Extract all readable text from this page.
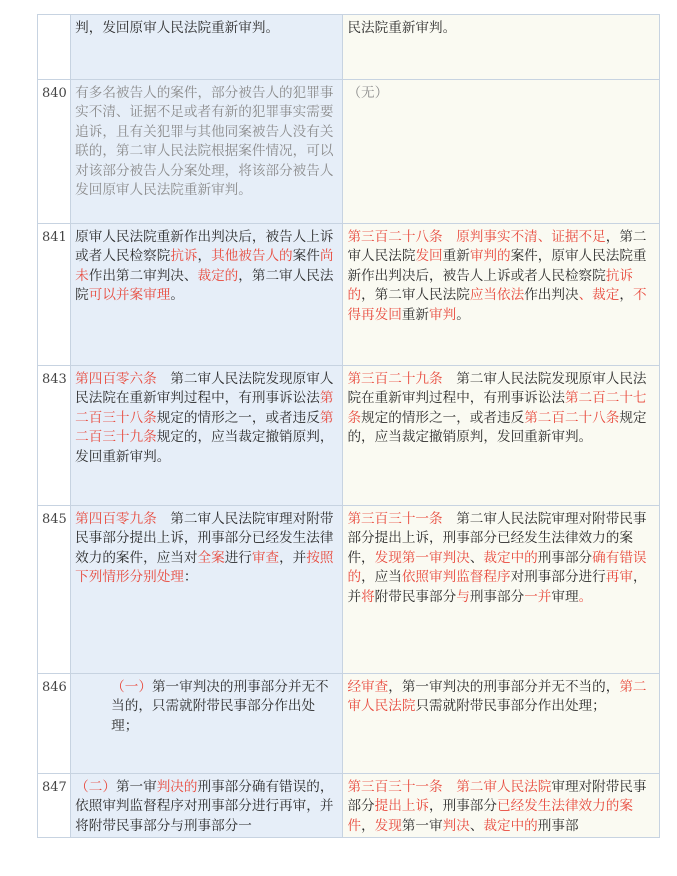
	判，发回原审人民法院重新审判。	民法院重新审判。
840	有多名被告人的案件，部分被告人的犯罪事实不清、证据不足或者有新的犯罪事实需要追诉，且有关犯罪与其他同案被告人没有关联的，第二审人民法院根据案件情况，可以对该部分被告人分案处理，将该部分被告人发回原审人民法院重新审判。	（无）
841	原审人民法院重新作出判决后，被告人上诉或者人民检察院抗诉，其他被告人的案件尚未作出第二审判决、裁定的，第二审人民法院可以并案审理。	第三百二十八条　原判事实不清、证据不足，第二审人民法院发回重新审判的案件，原审人民法院重新作出判决后，被告人上诉或者人民检察院抗诉的，第二审人民法院应当依法作出判决、裁定，不得再发回重新审判。
843	第四百零六条　第二审人民法院发现原审人民法院在重新审判过程中，有刑事诉讼法第二百三十八条规定的情形之一，或者违反第二百三十九条规定的，应当裁定撤销原判，发回重新审判。	第三百二十九条　第二审人民法院发现原审人民法院在重新审判过程中，有刑事诉讼法第二百二十七条规定的情形之一，或者违反第二百二十八条规定的，应当裁定撤销原判，发回重新审判。
845	第四百零九条　第二审人民法院审理对附带民事部分提出上诉，刑事部分已经发生法律效力的案件，应当对全案进行审查，并按照下列情形分别处理：	第三百三十一条　第二审人民法院审理对附带民事部分提出上诉，刑事部分已经发生法律效力的案件，发现第一审判决、裁定中的刑事部分确有错误的，应当依照审判监督程序对刑事部分进行再审，并将附带民事部分与刑事部分一并审理。
846	（一）第一审判决的刑事部分并无不当的，只需就附带民事部分作出处理；	经审查，第一审判决的刑事部分并无不当的，第二审人民法院只需就附带民事部分作出处理；
847	（二）第一审判决的刑事部分确有错误的，依照审判监督程序对刑事部分进行再审，并将附带民事部分与刑事部分一	第三百三十一条　第二审人民法院审理对附带民事部分提出上诉，刑事部分已经发生法律效力的案件，发现第一审判决、裁定中的刑事部
